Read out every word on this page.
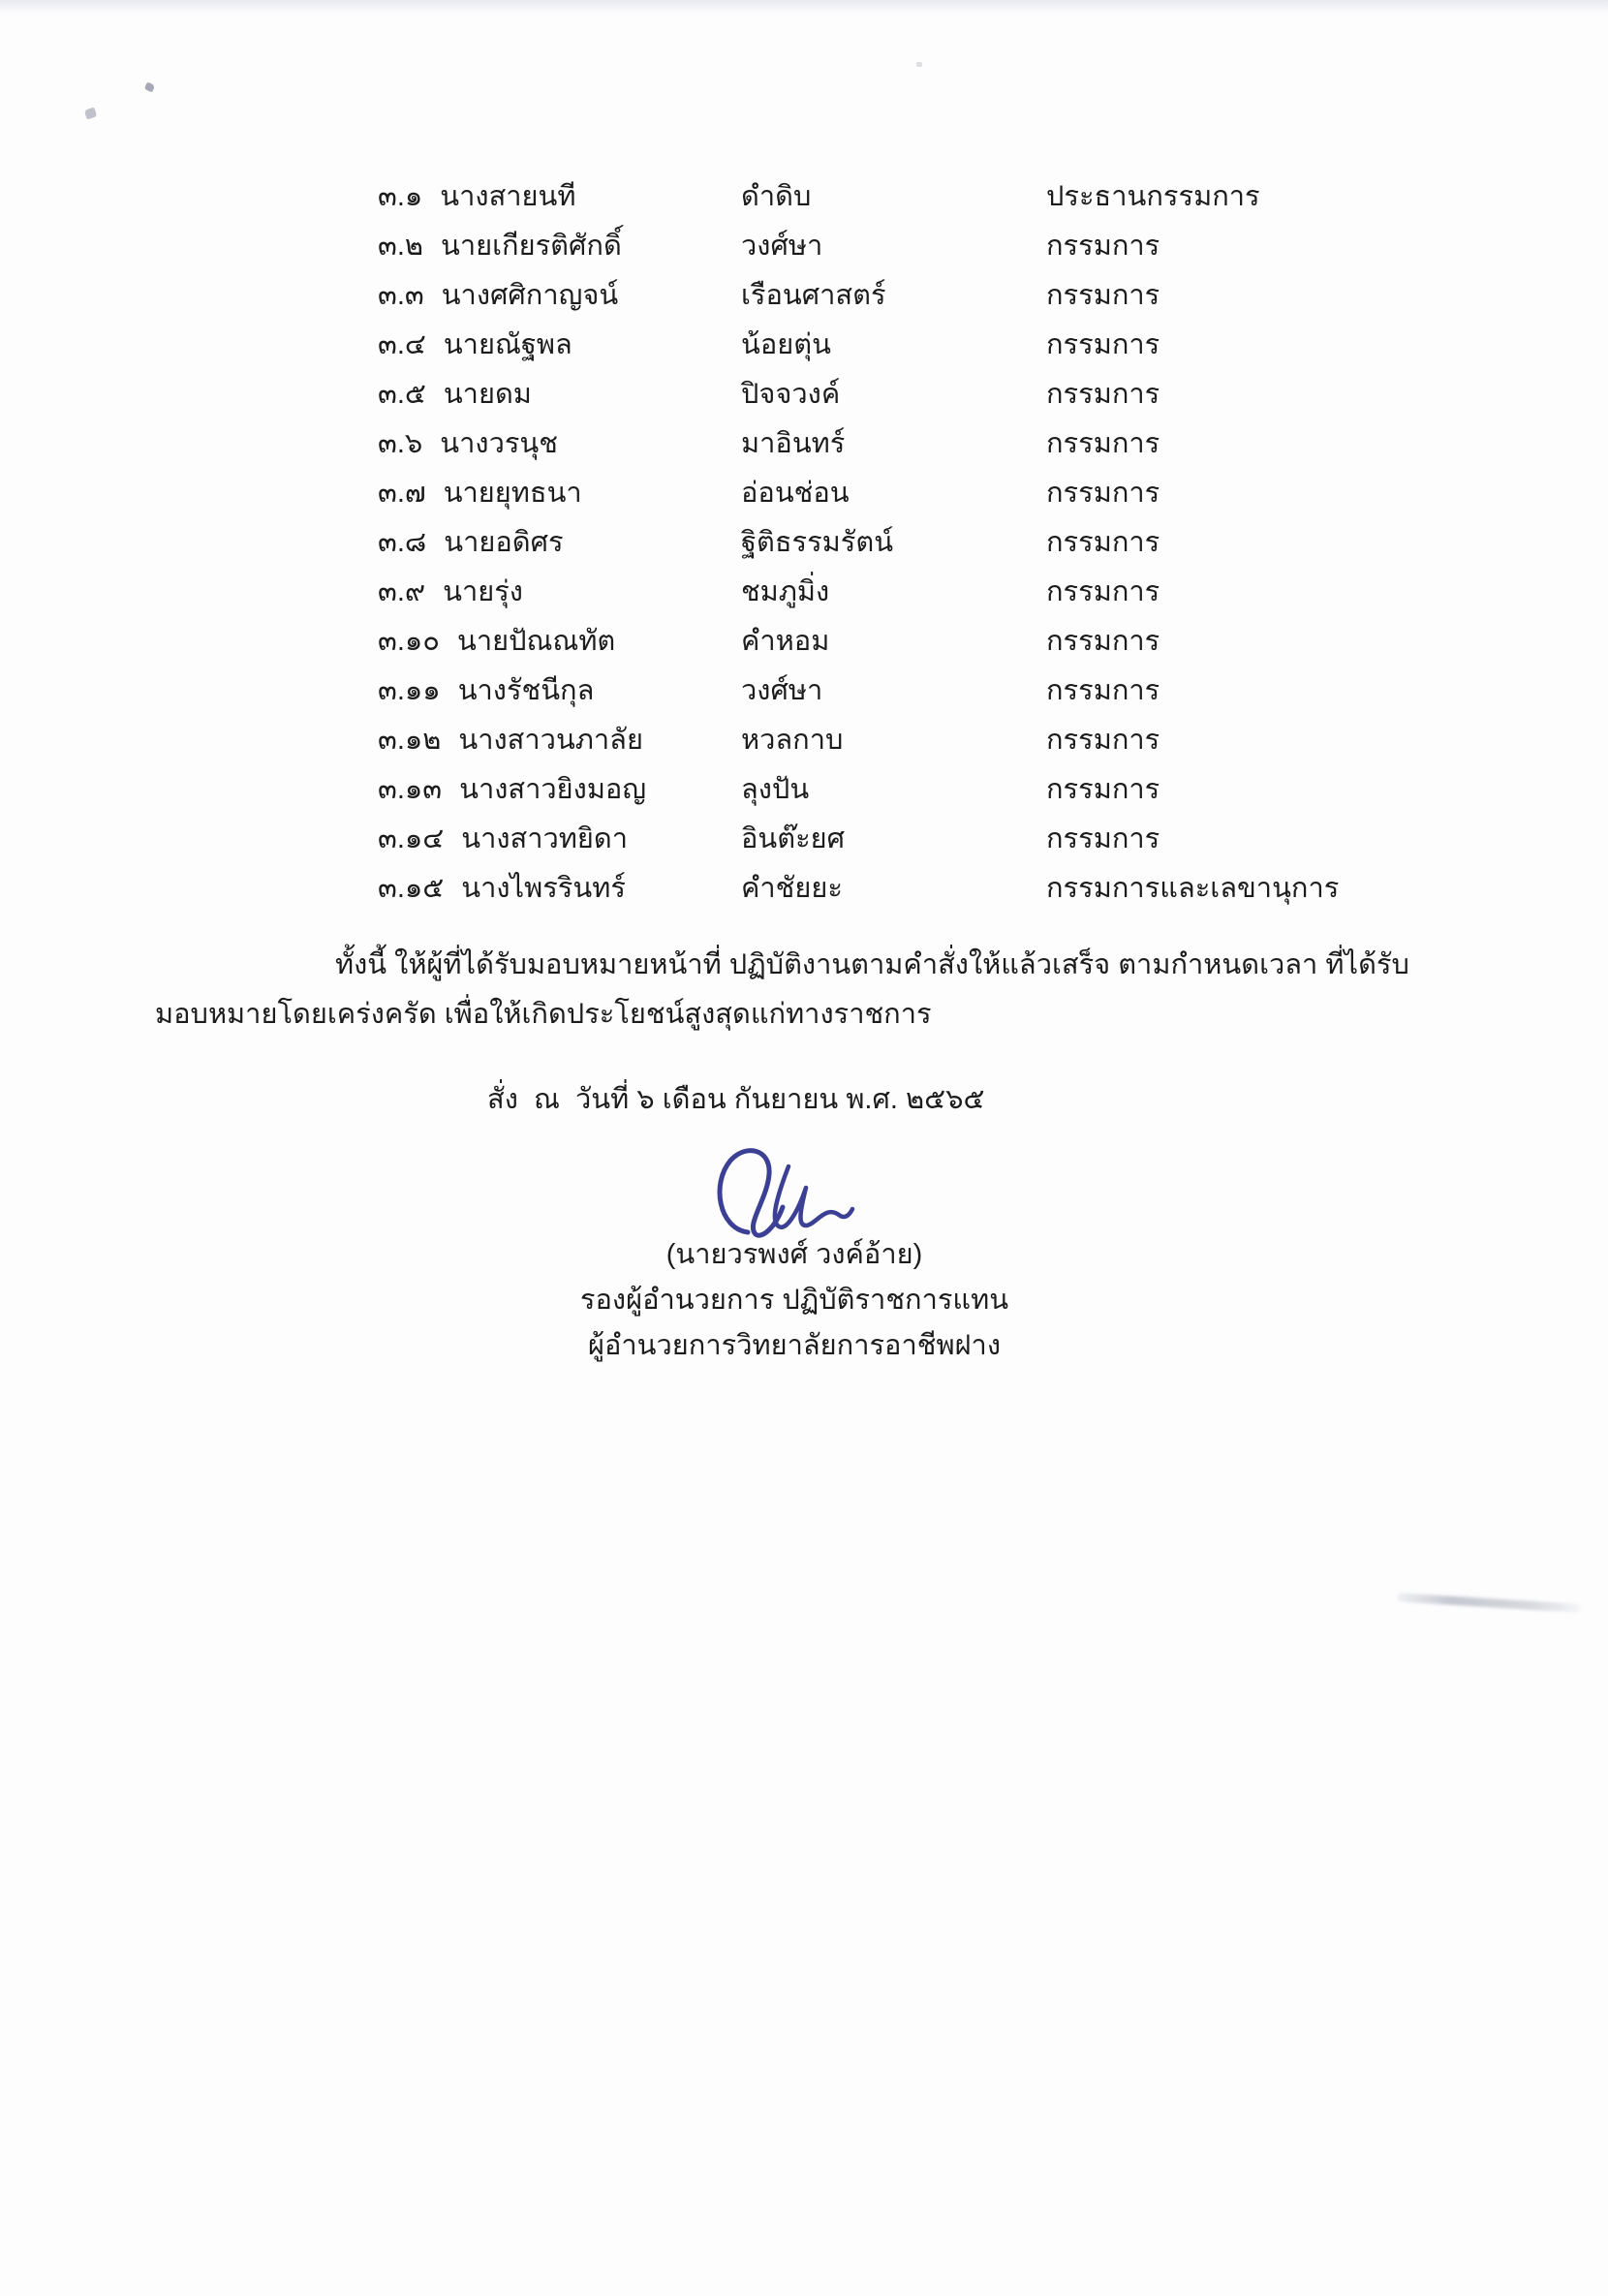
๓.๑ นางสายนที	ดำดิบ	ประธานกรรมการ
๓.๒ นายเกียรติศักดิ์	วงศ์ษา	กรรมการ
๓.๓ นางศศิกาญจน์	เรือนศาสตร์	กรรมการ
๓.๔ นายณัฐพล	น้อยตุ่น	กรรมการ
๓.๕ นายดม	ปิจจวงค์	กรรมการ
๓.๖ นางวรนุช	มาอินทร์	กรรมการ
๓.๗ นายยุทธนา	อ่อนช่อน	กรรมการ
๓.๘ นายอดิศร	ฐิติธรรมรัตน์	กรรมการ
๓.๙ นายรุ่ง	ชมภูมิ่ง	กรรมการ
๓.๑๐ นายปัณณทัต	คำหอม	กรรมการ
๓.๑๑ นางรัชนีกุล	วงศ์ษา	กรรมการ
๓.๑๒ นางสาวนภาลัย	หวลกาบ	กรรมการ
๓.๑๓ นางสาวยิงมอญ	ลุงปัน	กรรมการ
๓.๑๔ นางสาวทยิดา	อินต๊ะยศ	กรรมการ
๓.๑๕ นางไพรรินทร์	คำชัยยะ	กรรมการและเลขานุการ

ทั้งนี้ ให้ผู้ที่ได้รับมอบหมายหน้าที่ ปฏิบัติงานตามคำสั่งให้แล้วเสร็จ ตามกำหนดเวลา ที่ได้รับ
มอบหมายโดยเคร่งครัด เพื่อให้เกิดประโยชน์สูงสุดแก่ทางราชการ

สั่ง  ณ  วันที่ ๖ เดือน กันยายน พ.ศ. ๒๕๖๕
(นายวรพงศ์ วงค์อ้าย)
รองผู้อำนวยการ ปฏิบัติราชการแทน
ผู้อำนวยการวิทยาลัยการอาชีพฝาง
